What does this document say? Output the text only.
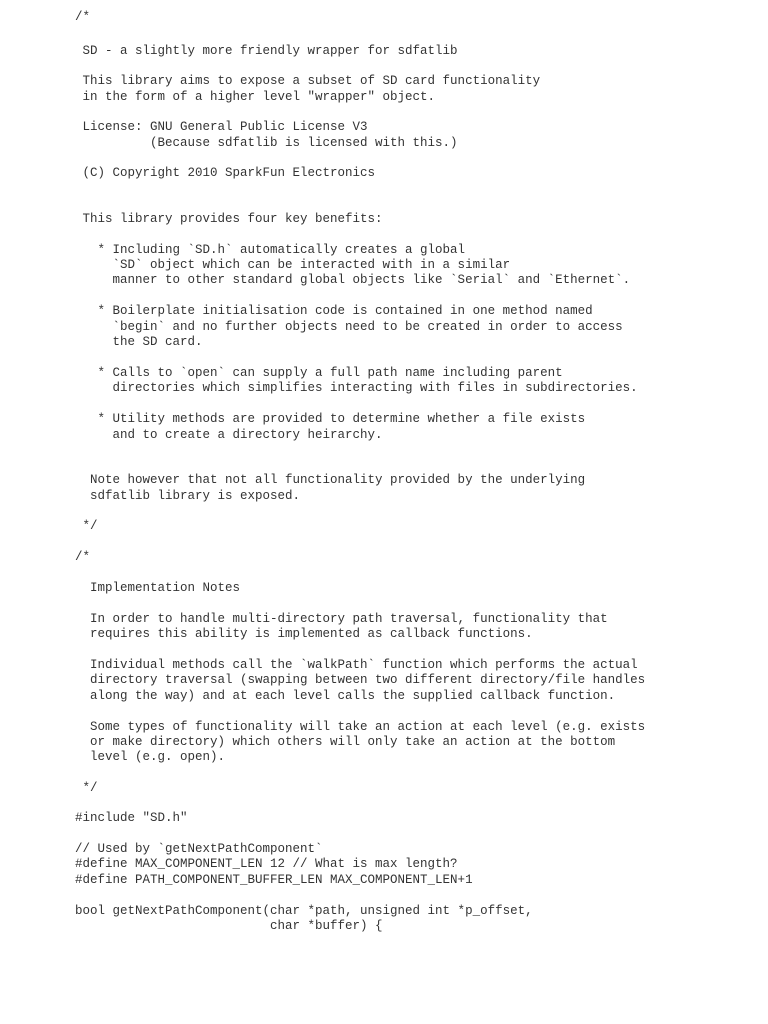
/*
SD - a slightly more friendly wrapper for sdfatlib
This library aims to expose a subset of SD card functionality
in the form of a higher level "wrapper" object.
License: GNU General Public License V3
(Because sdfatlib is licensed with this.)
(C) Copyright 2010 SparkFun Electronics
This library provides four key benefits:
* Including `SD.h` automatically creates a global
`SD` object which can be interacted with in a similar
manner to other standard global objects like `Serial` and `Ethernet`.
* Boilerplate initialisation code is contained in one method named
`begin` and no further objects need to be created in order to access
the SD card.
* Calls to `open` can supply a full path name including parent
directories which simplifies interacting with files in subdirectories.
* Utility methods are provided to determine whether a file exists
and to create a directory heirarchy.
Note however that not all functionality provided by the underlying
sdfatlib library is exposed.
*/
/*
Implementation Notes
In order to handle multi-directory path traversal, functionality that
requires this ability is implemented as callback functions.
Individual methods call the `walkPath` function which performs the actual
directory traversal (swapping between two different directory/file handles
along the way) and at each level calls the supplied callback function.
Some types of functionality will take an action at each level (e.g. exists
or make directory) which others will only take an action at the bottom
level (e.g. open).
*/
#include "SD.h"
// Used by `getNextPathComponent`
#define MAX_COMPONENT_LEN 12 // What is max length?
#define PATH_COMPONENT_BUFFER_LEN MAX_COMPONENT_LEN+1
bool getNextPathComponent(char *path, unsigned int *p_offset,
char *buffer) {
